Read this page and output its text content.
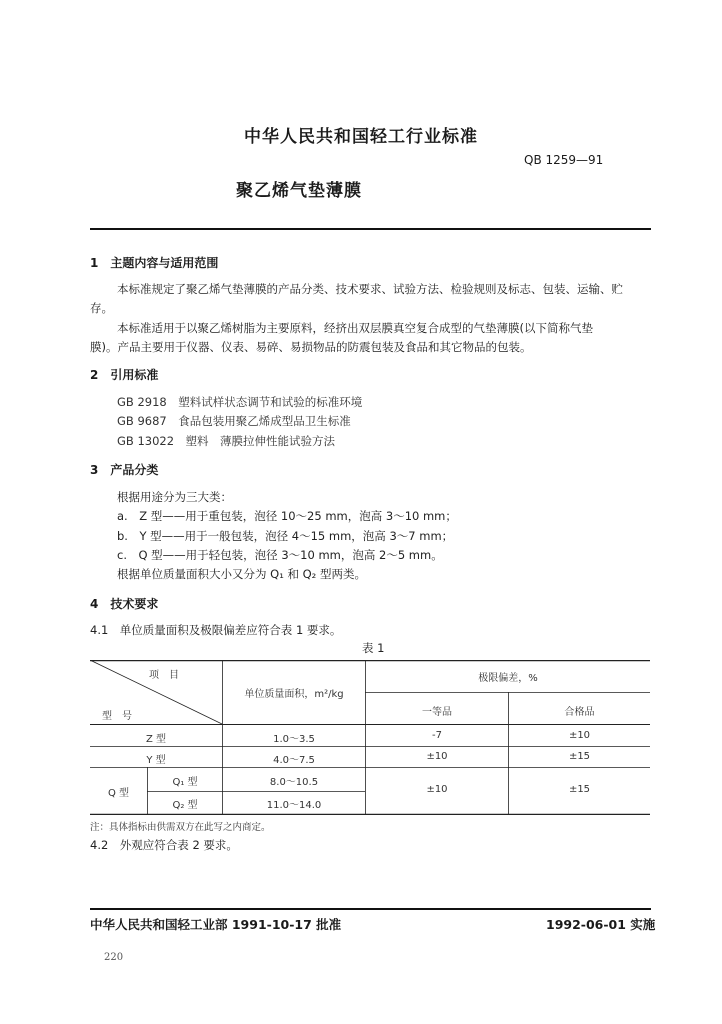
中华人民共和国轻工行业标准
QB 1259—91
聚乙烯气垫薄膜
1　主题内容与适用范围
本标准规定了聚乙烯气垫薄膜的产品分类、技术要求、试验方法、检验规则及标志、包装、运输、贮
存。
本标准适用于以聚乙烯树脂为主要原料，经挤出双层膜真空复合成型的气垫薄膜(以下简称气垫
膜)。产品主要用于仪器、仪表、易碎、易损物品的防震包装及食品和其它物品的包装。
2　引用标准
GB 2918　塑料试样状态调节和试验的标准环境
GB 9687　食品包装用聚乙烯成型品卫生标准
GB 13022　塑料　薄膜拉伸性能试验方法
3　产品分类
根据用途分为三大类：
a.　Z 型——用于重包装，泡径 10～25 mm，泡高 3～10 mm；
b.　Y 型——用于一般包装，泡径 4～15 mm，泡高 3～7 mm；
c.　Q 型——用于轻包装，泡径 3～10 mm，泡高 2～5 mm。
根据单位质量面积大小又分为 Q₁ 和 Q₂ 型两类。
4　技术要求
4.1　单位质量面积及极限偏差应符合表 1 要求。
表 1
项　目
型　号
单位质量面积，m²/kg
极限偏差，%
一等品	合格品
Z 型	1.0～3.5	-7	±10
Y 型	4.0～7.5	±10	±15
Q 型
Q₁ 型	8.0～10.5
Q₂ 型	11.0～14.0
±10	±15
注：具体指标由供需双方在此写之内商定。
4.2　外观应符合表 2 要求。
中华人民共和国轻工业部 1991-10-17 批准	1992-06-01 实施
220
